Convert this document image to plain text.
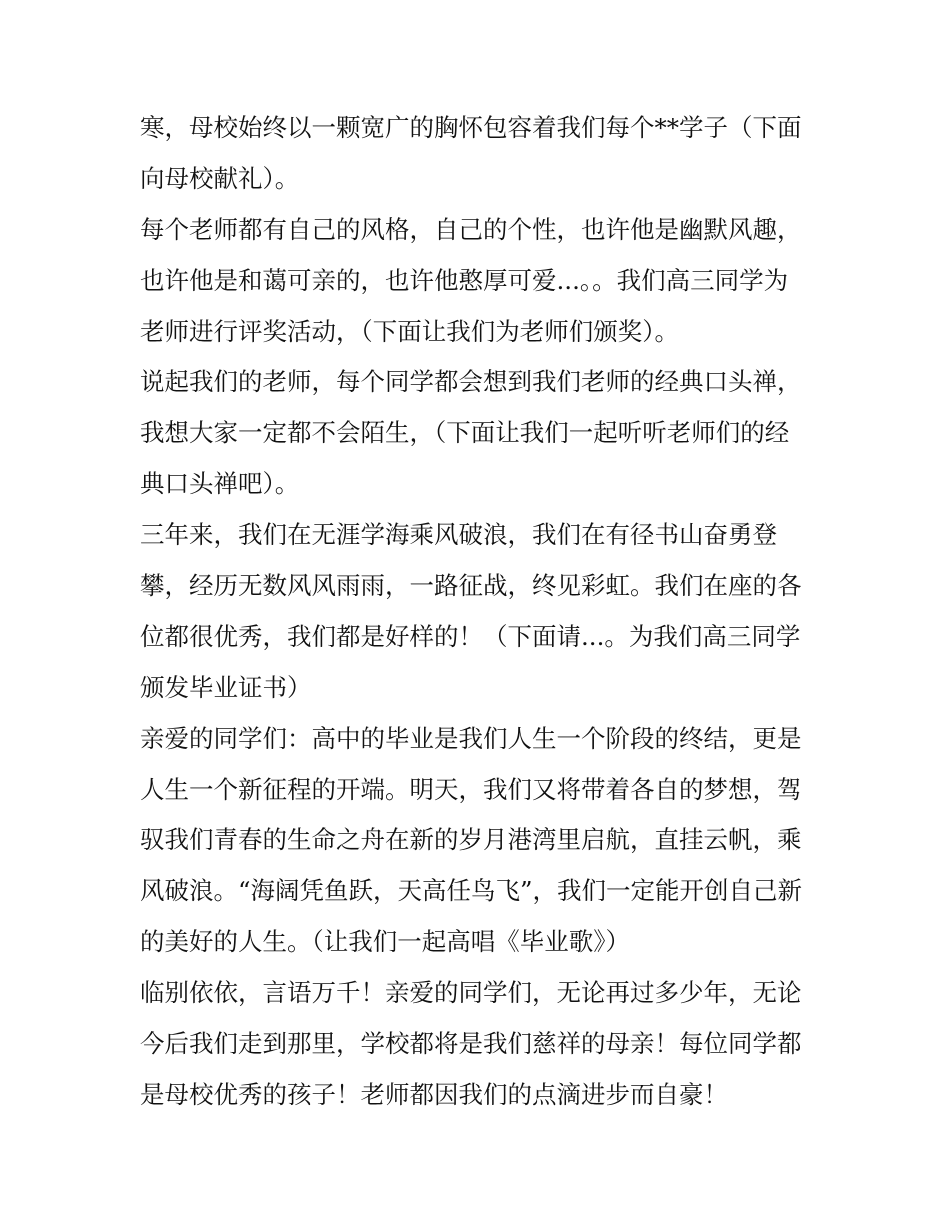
寒，母校始终以一颗宽广的胸怀包容着我们每个**学子（下面
向母校献礼）。
每个老师都有自己的风格，自己的个性，也许他是幽默风趣，
也许他是和蔼可亲的，也许他憨厚可爱...。。我们高三同学为
老师进行评奖活动，（下面让我们为老师们颁奖）。
说起我们的老师，每个同学都会想到我们老师的经典口头禅，
我想大家一定都不会陌生，（下面让我们一起听听老师们的经
典口头禅吧）。
三年来，我们在无涯学海乘风破浪，我们在有径书山奋勇登
攀，经历无数风风雨雨，一路征战，终见彩虹。我们在座的各
位都很优秀，我们都是好样的！（下面请...。为我们高三同学
颁发毕业证书）
亲爱的同学们：高中的毕业是我们人生一个阶段的终结，更是
人生一个新征程的开端。明天，我们又将带着各自的梦想，驾
驭我们青春的生命之舟在新的岁月港湾里启航，直挂云帆，乘
风破浪。“海阔凭鱼跃，天高任鸟飞”，我们一定能开创自己新
的美好的人生。（让我们一起高唱《毕业歌》）
临别依依，言语万千！亲爱的同学们，无论再过多少年，无论
今后我们走到那里，学校都将是我们慈祥的母亲！每位同学都
是母校优秀的孩子！老师都因我们的点滴进步而自豪！
